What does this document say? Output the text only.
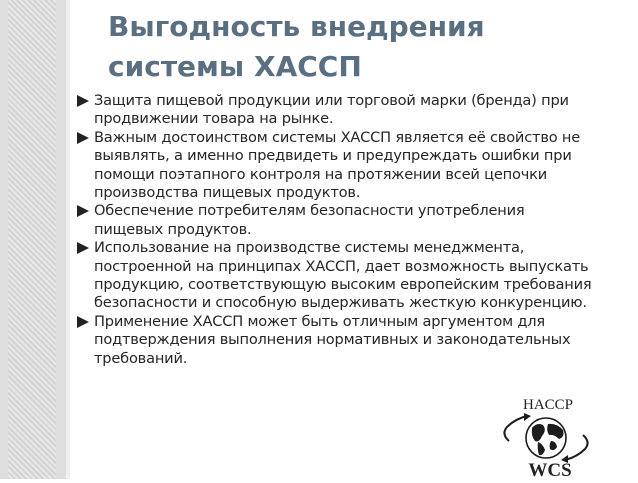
Выгодность внедрения системы ХАССП
Защита пищевой продукции или торговой марки (бренда) при продвижении товара на рынке.
Важным достоинством системы ХАССП является её свойство не выявлять, а именно предвидеть и предупреждать ошибки при помощи поэтапного контроля на протяжении всей цепочки производства пищевых продуктов.
Обеспечение потребителям безопасности употребления пищевых продуктов.
Использование на производстве системы менеджмента, построенной на принципах ХАССП, дает возможность выпускать продукцию, соответствующую высоким европейским требования безопасности и способную выдерживать жесткую конкуренцию.
Применение ХАССП может быть отличным аргументом для подтверждения выполнения нормативных и законодательных требований.
HACCP
WCS
